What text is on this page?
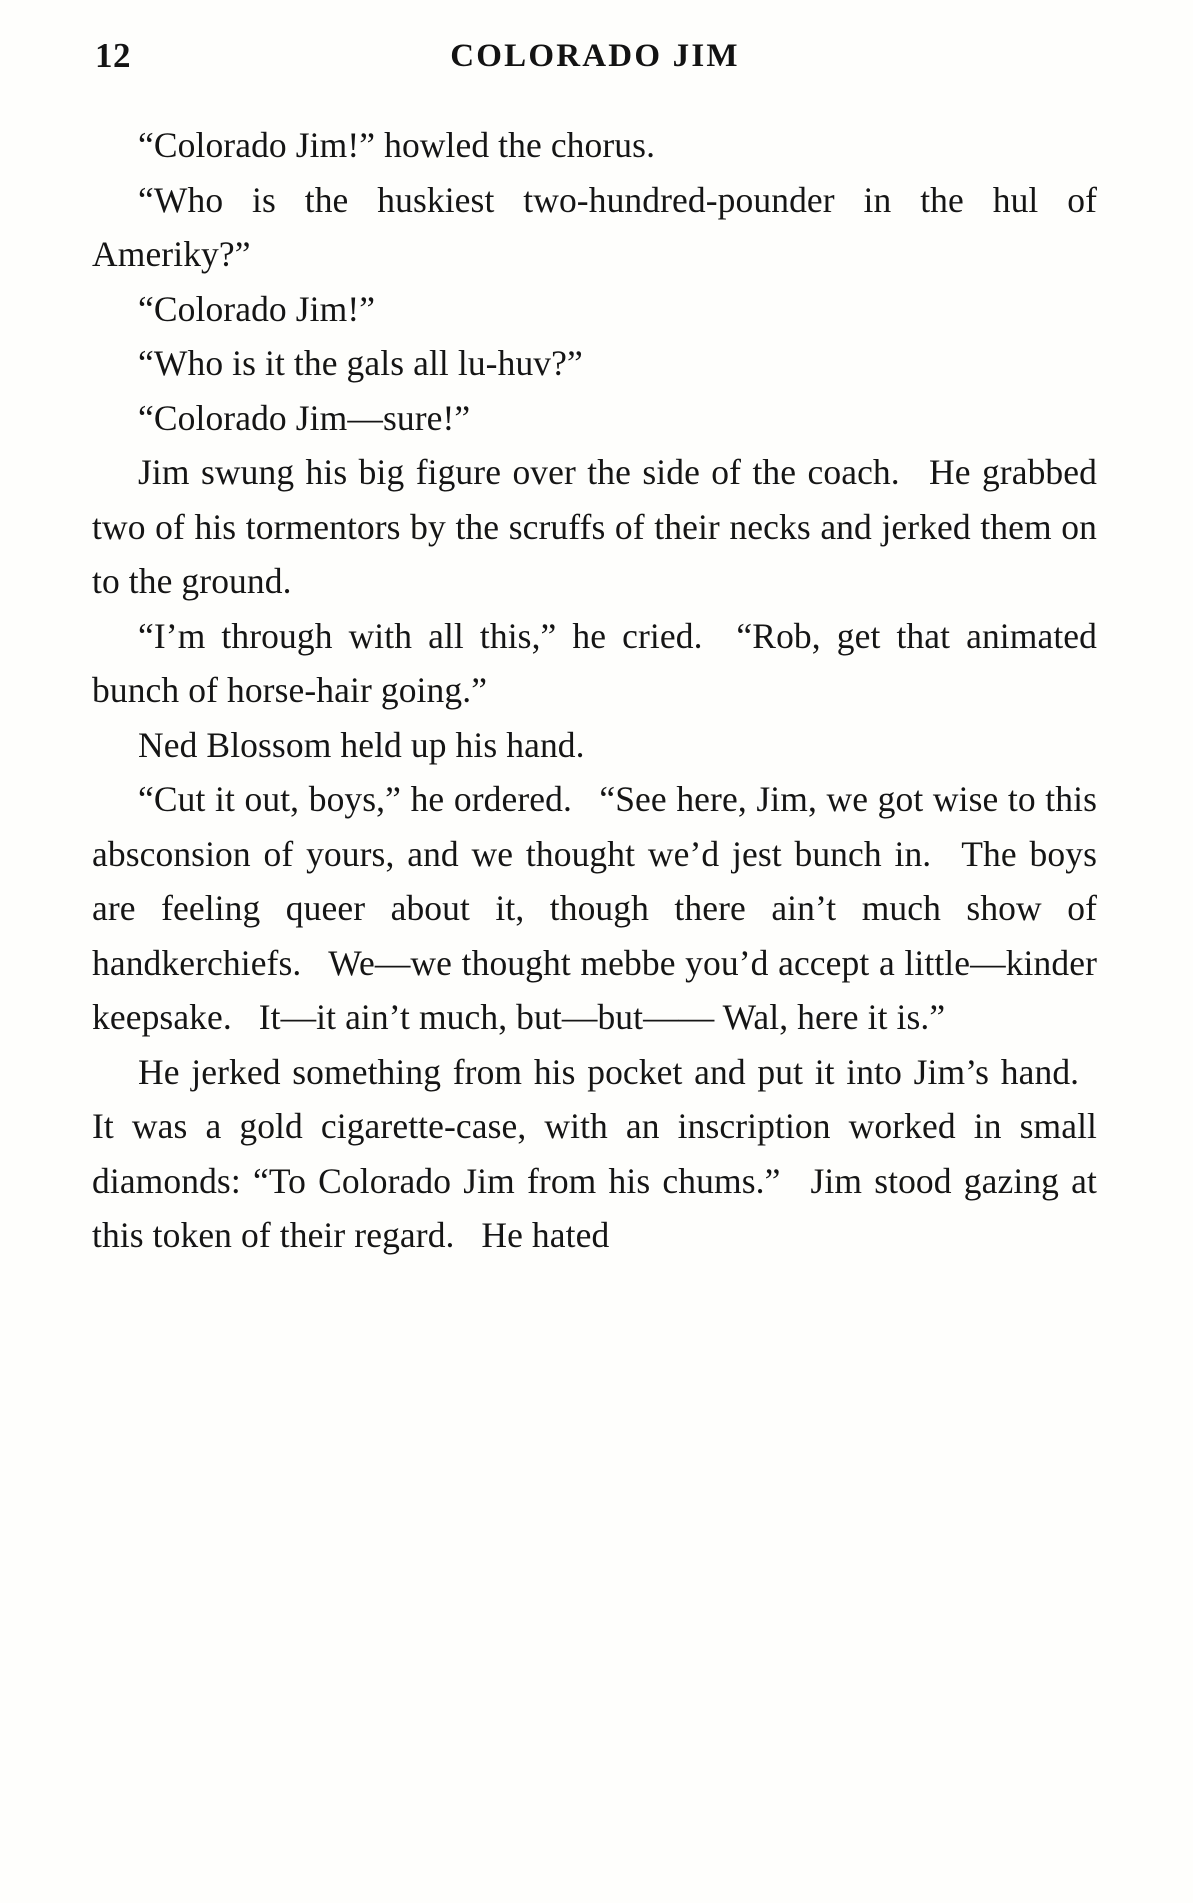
12	COLORADO JIM

“Colorado Jim!” howled the chorus.

“Who is the huskiest two-hundred-pounder in the hul of Ameriky?”

“Colorado Jim!”

“Who is it the gals all lu-huv?”

“Colorado Jim—sure!”

Jim swung his big figure over the side of the coach.  He grabbed two of his tormentors by the scruffs of their necks and jerked them on to the ground.

“I’m through with all this,” he cried.  “Rob, get that animated bunch of horse-hair going.”

Ned Blossom held up his hand.

“Cut it out, boys,” he ordered.  “See here, Jim, we got wise to this absconsion of yours, and we thought we’d jest bunch in.  The boys are feeling queer about it, though there ain’t much show of handkerchiefs.  We—we thought mebbe you’d accept a little—kinder keepsake.  It—it ain’t much, but—but—— Wal, here it is.”

He jerked something from his pocket and put it into Jim’s hand.  It was a gold cigarette-case, with an inscription worked in small diamonds: “To Colorado Jim from his chums.”  Jim stood gazing at this token of their regard.  He hated
